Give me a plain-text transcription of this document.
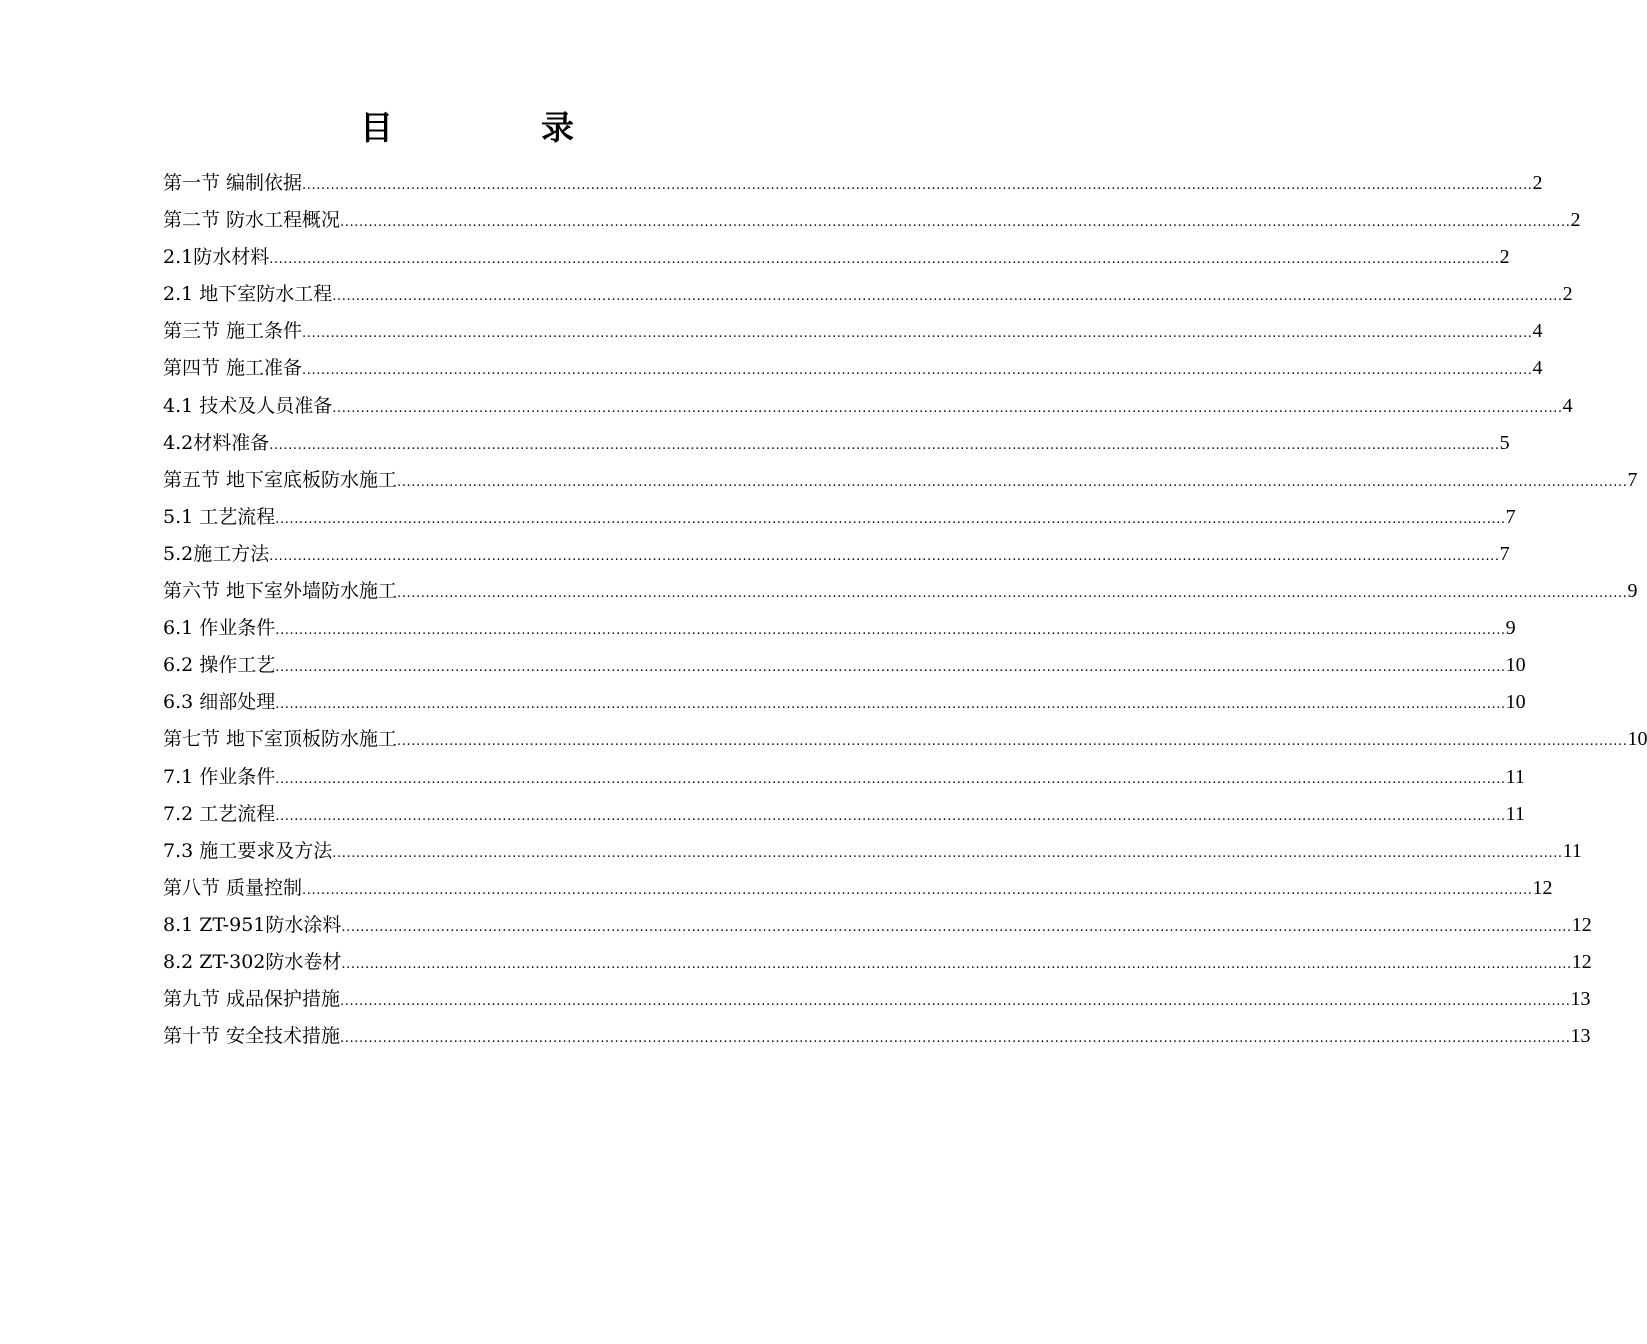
目	录
第一节 编制依据 .................................................................................................................................................................................................................................................................... 2
第二节 防水工程概况 .................................................................................................................................................................................................................................................................... 2
2.1防水材料 .................................................................................................................................................................................................................................................................... 2
2.1 地下室防水工程 .................................................................................................................................................................................................................................................................... 2
第三节 施工条件 .................................................................................................................................................................................................................................................................... 4
第四节 施工准备 .................................................................................................................................................................................................................................................................... 4
4.1 技术及人员准备 .................................................................................................................................................................................................................................................................... 4
4.2材料准备 .................................................................................................................................................................................................................................................................... 5
第五节 地下室底板防水施工 .................................................................................................................................................................................................................................................................... 7
5.1 工艺流程 .................................................................................................................................................................................................................................................................... 7
5.2施工方法 .................................................................................................................................................................................................................................................................... 7
第六节 地下室外墙防水施工 .................................................................................................................................................................................................................................................................... 9
6.1 作业条件 .................................................................................................................................................................................................................................................................... 9
6.2 操作工艺 .................................................................................................................................................................................................................................................................... 10
6.3 细部处理 .................................................................................................................................................................................................................................................................... 10
第七节 地下室顶板防水施工 .................................................................................................................................................................................................................................................................... 10
7.1 作业条件 .................................................................................................................................................................................................................................................................... 11
7.2 工艺流程 .................................................................................................................................................................................................................................................................... 11
7.3 施工要求及方法 .................................................................................................................................................................................................................................................................... 11
第八节 质量控制 .................................................................................................................................................................................................................................................................... 12
8.1 ZT-951防水涂料 .................................................................................................................................................................................................................................................................... 12
8.2 ZT-302防水卷材 .................................................................................................................................................................................................................................................................... 12
第九节 成品保护措施 .................................................................................................................................................................................................................................................................... 13
第十节 安全技术措施 .................................................................................................................................................................................................................................................................... 13
